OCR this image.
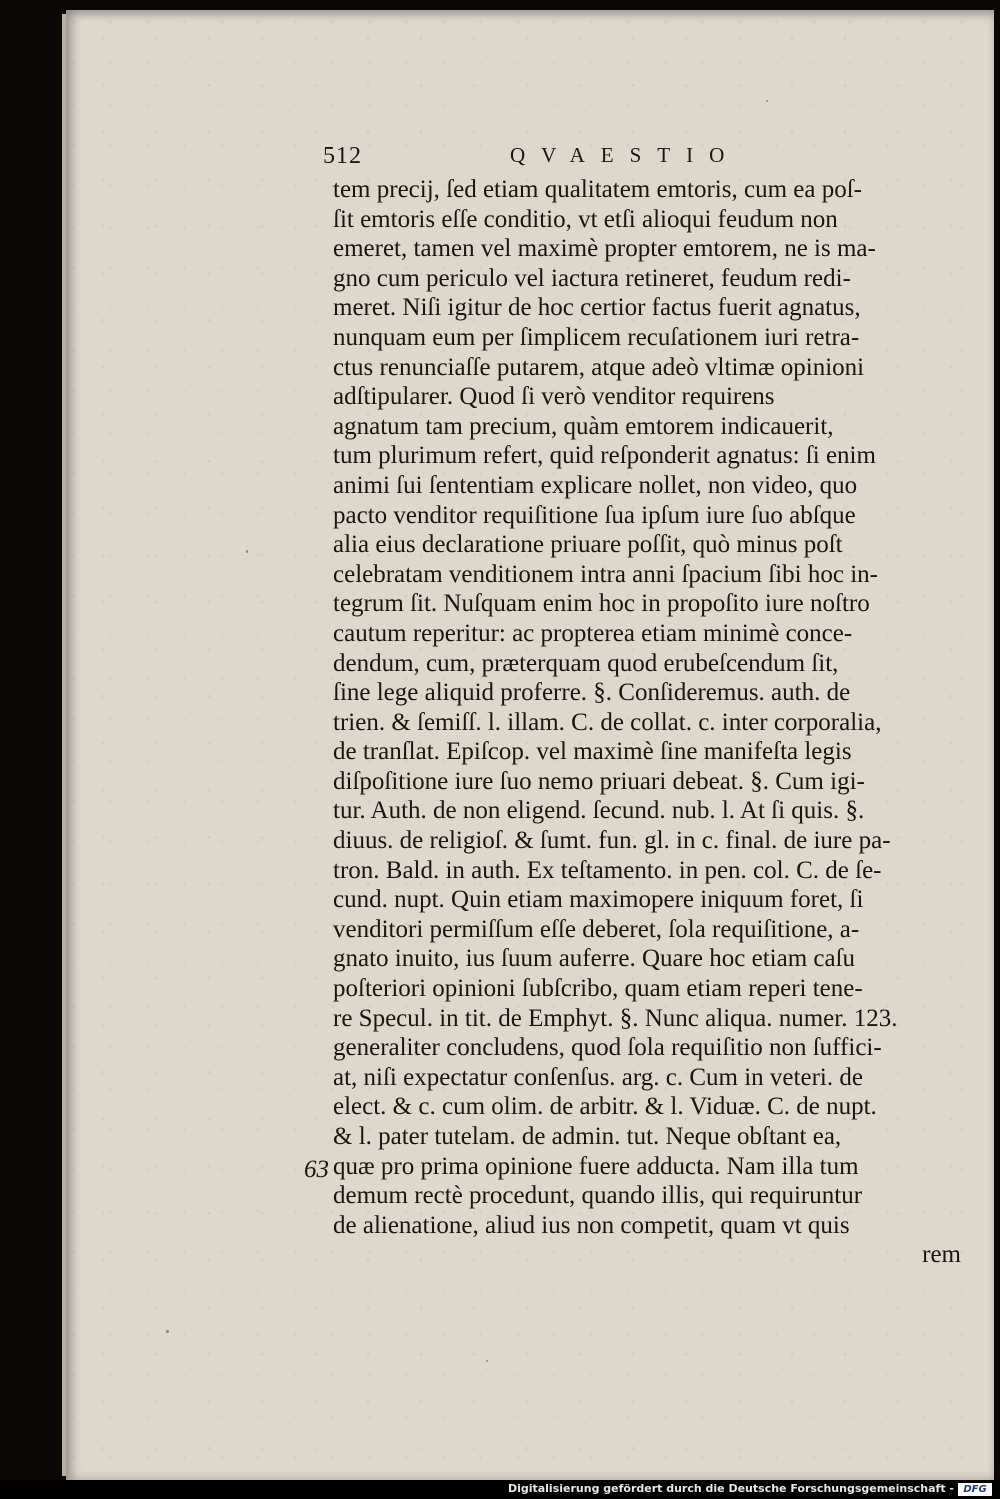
512	QVAESTIO
tem precij, ſed etiam qualitatem emtoris, cum ea poſ-
ſit emtoris eſſe conditio, vt etſi alioqui feudum non
emeret, tamen vel maximè propter emtorem, ne is ma-
gno cum periculo vel iactura retineret, feudum redi-
meret. Niſi igitur de hoc certior factus fuerit agnatus,
nunquam eum per ſimplicem recuſationem iuri retra-
ctus renunciaſſe putarem, atque adeò vltimæ opinioni
adſtipularer. Quod ſi verò venditor requirens
agnatum tam precium, quàm emtorem indicauerit,
tum plurimum refert, quid reſponderit agnatus: ſi enim
animi ſui ſententiam explicare nollet, non video, quo
pacto venditor requiſitione ſua ipſum iure ſuo abſque
alia eius declaratione priuare poſſit, quò minus poſt
celebratam venditionem intra anni ſpacium ſibi hoc in-
tegrum ſit. Nuſquam enim hoc in propoſito iure noſtro
cautum reperitur: ac propterea etiam minimè conce-
dendum, cum, præterquam quod erubeſcendum ſit,
ſine lege aliquid proferre. §. Conſideremus. auth. de
trien. & ſemiſſ. l. illam. C. de collat. c. inter corporalia,
de tranſlat. Epiſcop. vel maximè ſine manifeſta legis
diſpoſitione iure ſuo nemo priuari debeat. §. Cum igi-
tur. Auth. de non eligend. ſecund. nub. l. At ſi quis. §.
diuus. de religioſ. & ſumt. fun. gl. in c. final. de iure pa-
tron. Bald. in auth. Ex teſtamento. in pen. col. C. de ſe-
cund. nupt. Quin etiam maximopere iniquum foret, ſi
venditori permiſſum eſſe deberet, ſola requiſitione, a-
gnato inuito, ius ſuum auferre. Quare hoc etiam caſu
poſteriori opinioni ſubſcribo, quam etiam reperi tene-
re Specul. in tit. de Emphyt. §. Nunc aliqua. numer. 123.
generaliter concludens, quod ſola requiſitio non ſuffici-
at, niſi expectatur conſenſus. arg. c. Cum in veteri. de
elect. & c. cum olim. de arbitr. & l. Viduæ. C. de nupt.
& l. pater tutelam. de admin. tut. Neque obſtant ea,
quæ pro prima opinione fuere adducta. Nam illa tum
demum rectè procedunt, quando illis, qui requiruntur
de alienatione, aliud ius non competit, quam vt quis
rem
63
Digitalisierung gefördert durch die Deutsche Forschungsgemeinschaft - DFG
